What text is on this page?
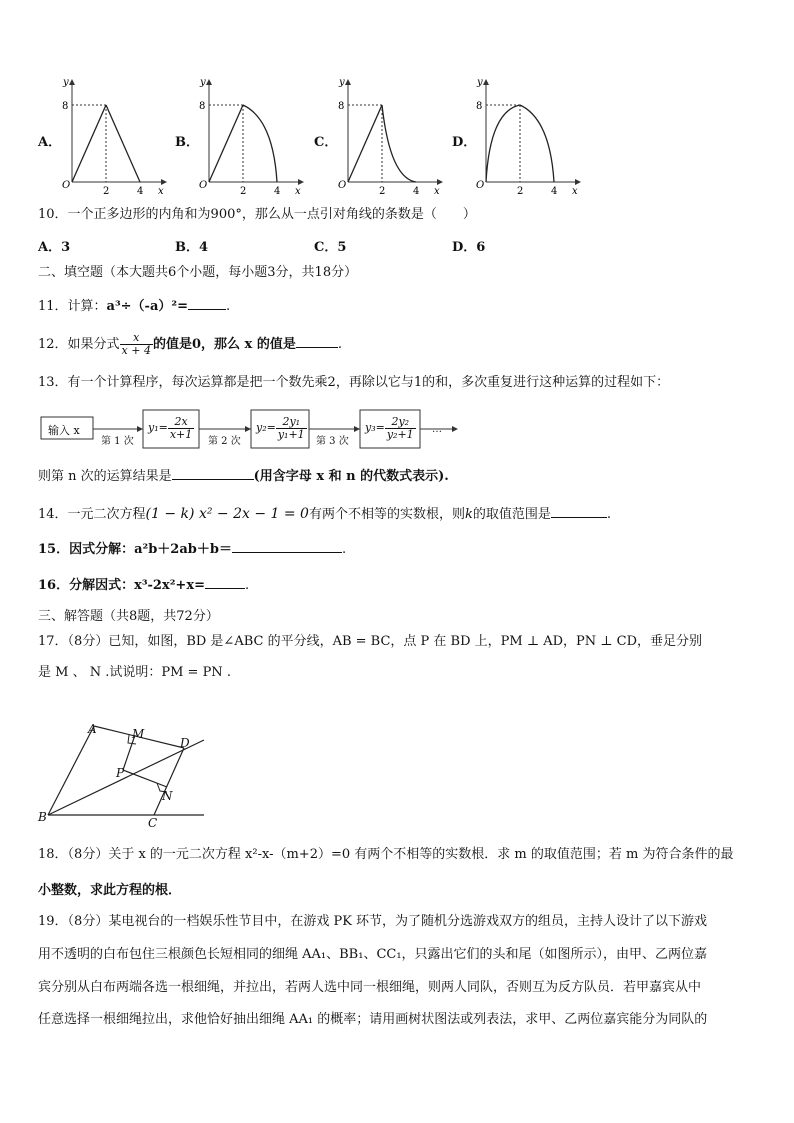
A．
y
8
O
2	4 x
B．
y
8
O
2	4 x
C．
y
8
O
2	4 x
D．
y
8
O
2	4 x
10．一个正多边形的内角和为900°，那么从一点引对角线的条数是（　　）
A．3	B．4	C．5	D．6
二、填空题（本大题共6个小题，每小题3分，共18分）
11．计算：a³÷（-a）²=	.
12．如果分式 $\frac{x}{x + 4}$ 的值是0，那么 x 的值是	.
13．有一个计算程序，每次运算都是把一个数先乘2，再除以它与1的和，多次重复进行这种运算的过程如下：
输入 x
第 1 次	第 2 次	第 3 次
…
$y_1= \frac{2x}{x+1}$	$y_2= \frac{\text{2y₁}}{\text{y₁+1}}$	$y_3= \frac{\text{2y₂}}{\text{y₂+1}}$
则第 n 次的运算结果是	(用含字母 x 和 n 的代数式表示).
14．一元二次方程(1 − k) x² − 2x − 1 = 0有两个不相等的实数根，则k的取值范围是	.
15．因式分解：a²b＋2ab＋b＝	.
16．分解因式：x³-2x²+x=	.
三、解答题（共8题，共72分）
17．（8分）已知，如图，BD 是∠ABC 的平分线，AB = BC，点 P 在 BD 上，PM ⊥ AD，PN ⊥ CD，垂足分别
是 M 、 N .试说明：PM = PN .
A	M
D
P
N
B	C
18．（8分）关于 x 的一元二次方程 x²-x-（m+2）=0 有两个不相等的实数根．求 m 的取值范围；若 m 为符合条件的最
小整数，求此方程的根．
19．（8分）某电视台的一档娱乐性节目中，在游戏 PK 环节，为了随机分选游戏双方的组员，主持人设计了以下游戏
用不透明的白布包住三根颜色长短相同的细绳 AA₁、BB₁、CC₁，只露出它们的头和尾（如图所示），由甲、乙两位嘉
宾分别从白布两端各选一根细绳，并拉出，若两人选中同一根细绳，则两人同队，否则互为反方队员．若甲嘉宾从中
任意选择一根细绳拉出，求他恰好抽出细绳 AA₁ 的概率；请用画树状图法或列表法，求甲、乙两位嘉宾能分为同队的
